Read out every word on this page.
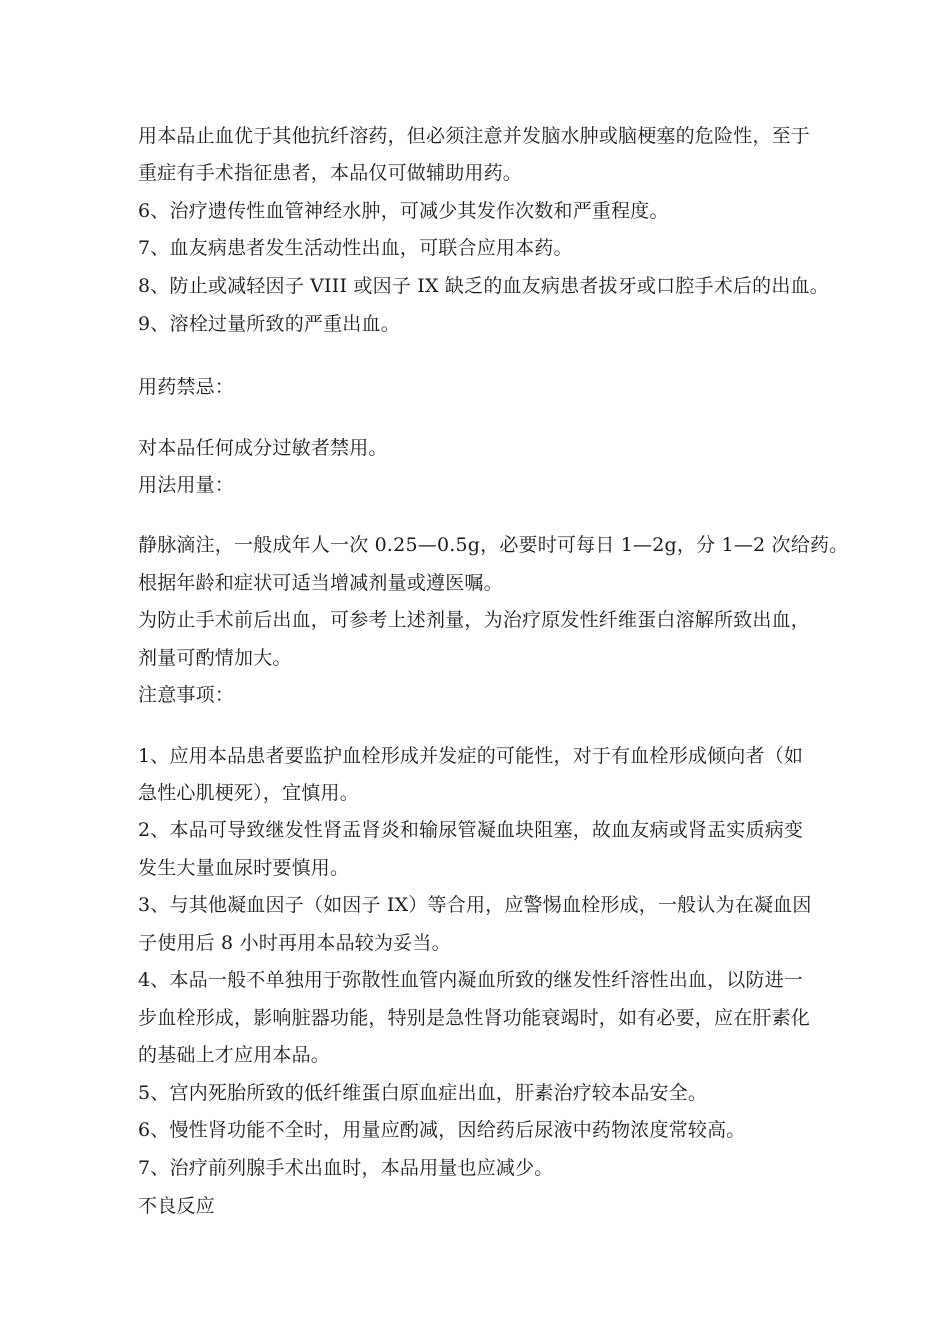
用本品止血优于其他抗纤溶药，但必须注意并发脑水肿或脑梗塞的危险性，至于
重症有手术指征患者，本品仅可做辅助用药。
6、治疗遗传性血管神经水肿，可减少其发作次数和严重程度。
7、血友病患者发生活动性出血，可联合应用本药。
8、防止或减轻因子 VIII 或因子 IX 缺乏的血友病患者拔牙或口腔手术后的出血。
9、溶栓过量所致的严重出血。
用药禁忌：
对本品任何成分过敏者禁用。
用法用量：
静脉滴注，一般成年人一次 0.25—0.5g，必要时可每日 1—2g，分 1—2 次给药。
根据年龄和症状可适当增减剂量或遵医嘱。
为防止手术前后出血，可参考上述剂量，为治疗原发性纤维蛋白溶解所致出血，
剂量可酌情加大。
注意事项：
1、应用本品患者要监护血栓形成并发症的可能性，对于有血栓形成倾向者（如
急性心肌梗死），宜慎用。
2、本品可导致继发性肾盂肾炎和输尿管凝血块阻塞，故血友病或肾盂实质病变
发生大量血尿时要慎用。
3、与其他凝血因子（如因子 IX）等合用，应警惕血栓形成，一般认为在凝血因
子使用后 8 小时再用本品较为妥当。
4、本品一般不单独用于弥散性血管内凝血所致的继发性纤溶性出血，以防进一
步血栓形成，影响脏器功能，特别是急性肾功能衰竭时，如有必要，应在肝素化
的基础上才应用本品。
5、宫内死胎所致的低纤维蛋白原血症出血，肝素治疗较本品安全。
6、慢性肾功能不全时，用量应酌减，因给药后尿液中药物浓度常较高。
7、治疗前列腺手术出血时，本品用量也应减少。
不良反应
